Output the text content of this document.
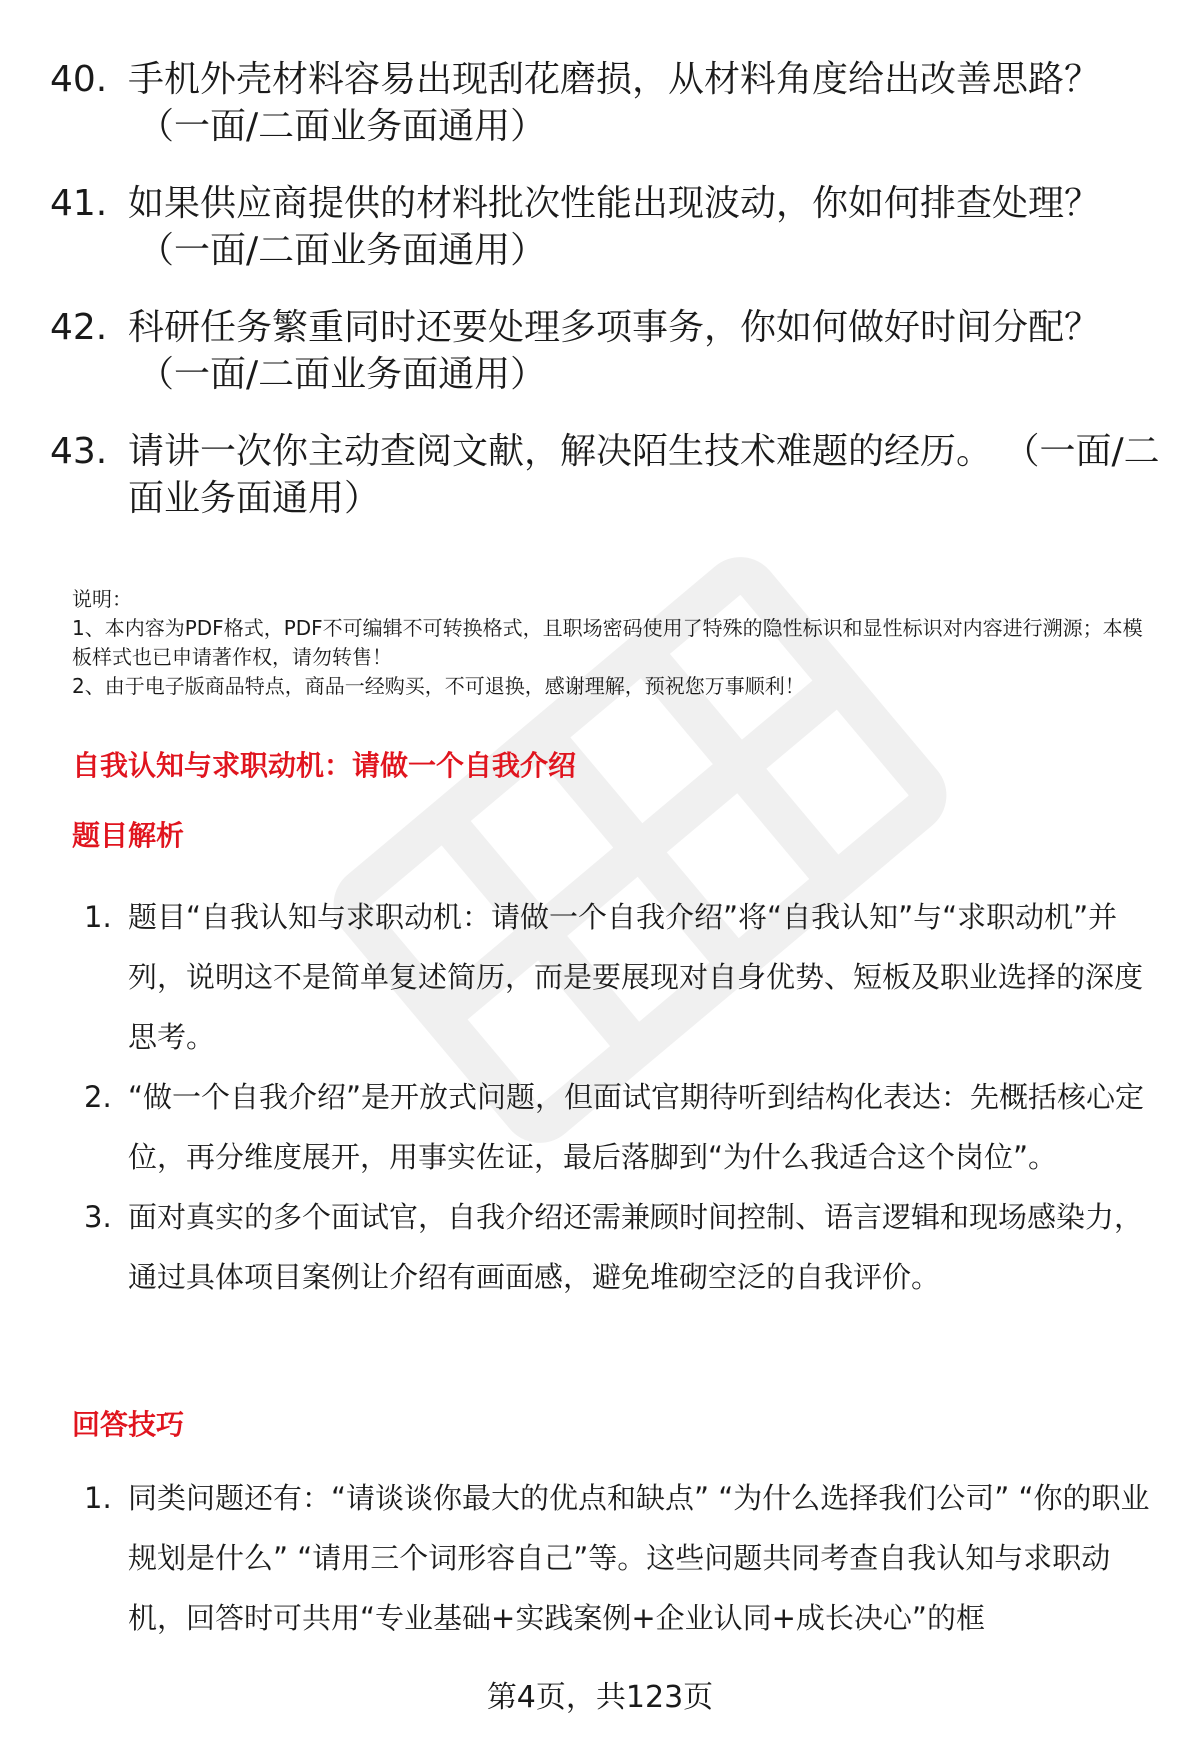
40. 手机外壳材料容易出现刮花磨损，从材料角度给出改善思路？
（一面/二面业务面通用）
41. 如果供应商提供的材料批次性能出现波动，你如何排查处理？
（一面/二面业务面通用）
42. 科研任务繁重同时还要处理多项事务，你如何做好时间分配？
（一面/二面业务面通用）
43. 请讲一次你主动查阅文献，解决陌生技术难题的经历。 （一面/二面业务面通用）

说明：

1、本内容为PDF格式，PDF不可编辑不可转换格式，且职场密码使用了特殊的隐性标识和显性标识对内容进行溯源；本模板样式也已申请著作权，请勿转售！

2、由于电子版商品特点，商品一经购买，不可退换，感谢理解，预祝您万事顺利！

自我认知与求职动机：请做一个自我介绍
题目解析
1. 题目“自我认知与求职动机：请做一个自我介绍”将“自我认知”与“求职动机”并列，说明这不是简单复述简历，而是要展现对自身优势、短板及职业选择的深度思考。
2. “做一个自我介绍”是开放式问题，但面试官期待听到结构化表达：先概括核心定位，再分维度展开，用事实佐证，最后落脚到“为什么我适合这个岗位”。
3. 面对真实的多个面试官，自我介绍还需兼顾时间控制、语言逻辑和现场感染力，通过具体项目案例让介绍有画面感，避免堆砌空泛的自我评价。
回答技巧
1. 同类问题还有：“请谈谈你最大的优点和缺点” “为什么选择我们公司” “你的职业规划是什么” “请用三个词形容自己”等。这些问题共同考查自我认知与求职动机，回答时可共用“专业基础+实践案例+企业认同+成长决心”的框
第4页，共123页
